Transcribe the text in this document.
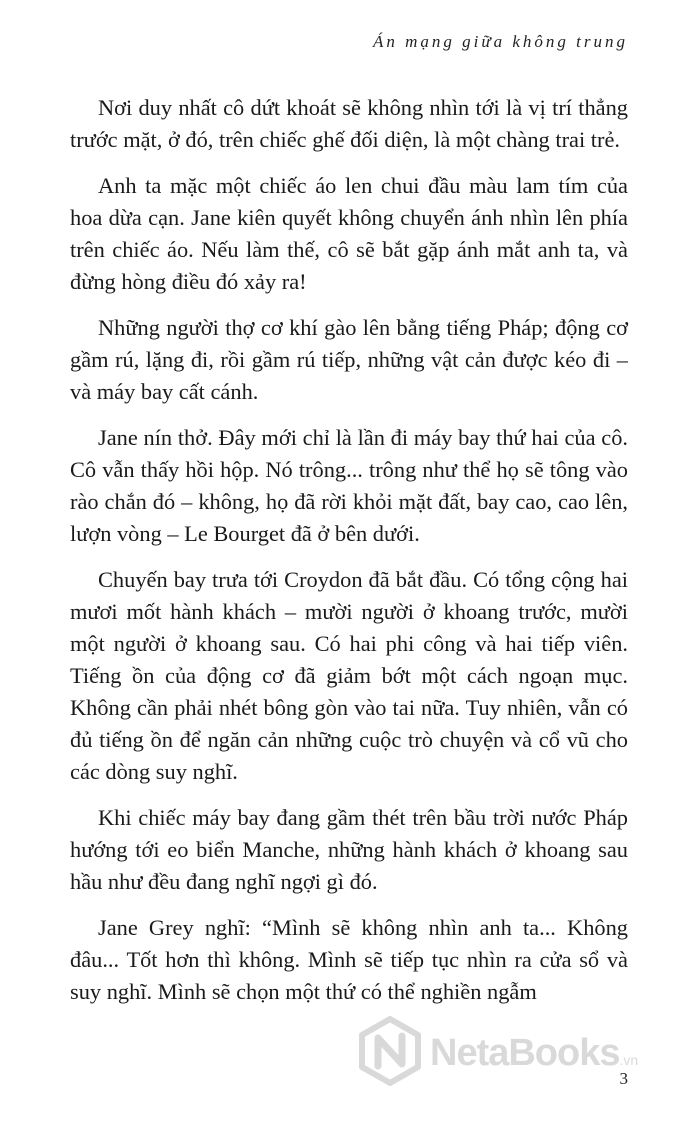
Án mạng giữa không trung

Nơi duy nhất cô dứt khoát sẽ không nhìn tới là vị trí thẳng trước mặt, ở đó, trên chiếc ghế đối diện, là một chàng trai trẻ.

Anh ta mặc một chiếc áo len chui đầu màu lam tím của hoa dừa cạn. Jane kiên quyết không chuyển ánh nhìn lên phía trên chiếc áo. Nếu làm thế, cô sẽ bắt gặp ánh mắt anh ta, và đừng hòng điều đó xảy ra!

Những người thợ cơ khí gào lên bằng tiếng Pháp; động cơ gầm rú, lặng đi, rồi gầm rú tiếp, những vật cản được kéo đi – và máy bay cất cánh.

Jane nín thở. Đây mới chỉ là lần đi máy bay thứ hai của cô. Cô vẫn thấy hồi hộp. Nó trông... trông như thể họ sẽ tông vào rào chắn đó – không, họ đã rời khỏi mặt đất, bay cao, cao lên, lượn vòng – Le Bourget đã ở bên dưới.

Chuyến bay trưa tới Croydon đã bắt đầu. Có tổng cộng hai mươi mốt hành khách – mười người ở khoang trước, mười một người ở khoang sau. Có hai phi công và hai tiếp viên. Tiếng ồn của động cơ đã giảm bớt một cách ngoạn mục. Không cần phải nhét bông gòn vào tai nữa. Tuy nhiên, vẫn có đủ tiếng ồn để ngăn cản những cuộc trò chuyện và cổ vũ cho các dòng suy nghĩ.

Khi chiếc máy bay đang gầm thét trên bầu trời nước Pháp hướng tới eo biển Manche, những hành khách ở khoang sau hầu như đều đang nghĩ ngợi gì đó.

Jane Grey nghĩ: “Mình sẽ không nhìn anh ta... Không đâu... Tốt hơn thì không. Mình sẽ tiếp tục nhìn ra cửa sổ và suy nghĩ. Mình sẽ chọn một thứ có thể nghiền ngẫm

NetaBooks.vn
3
